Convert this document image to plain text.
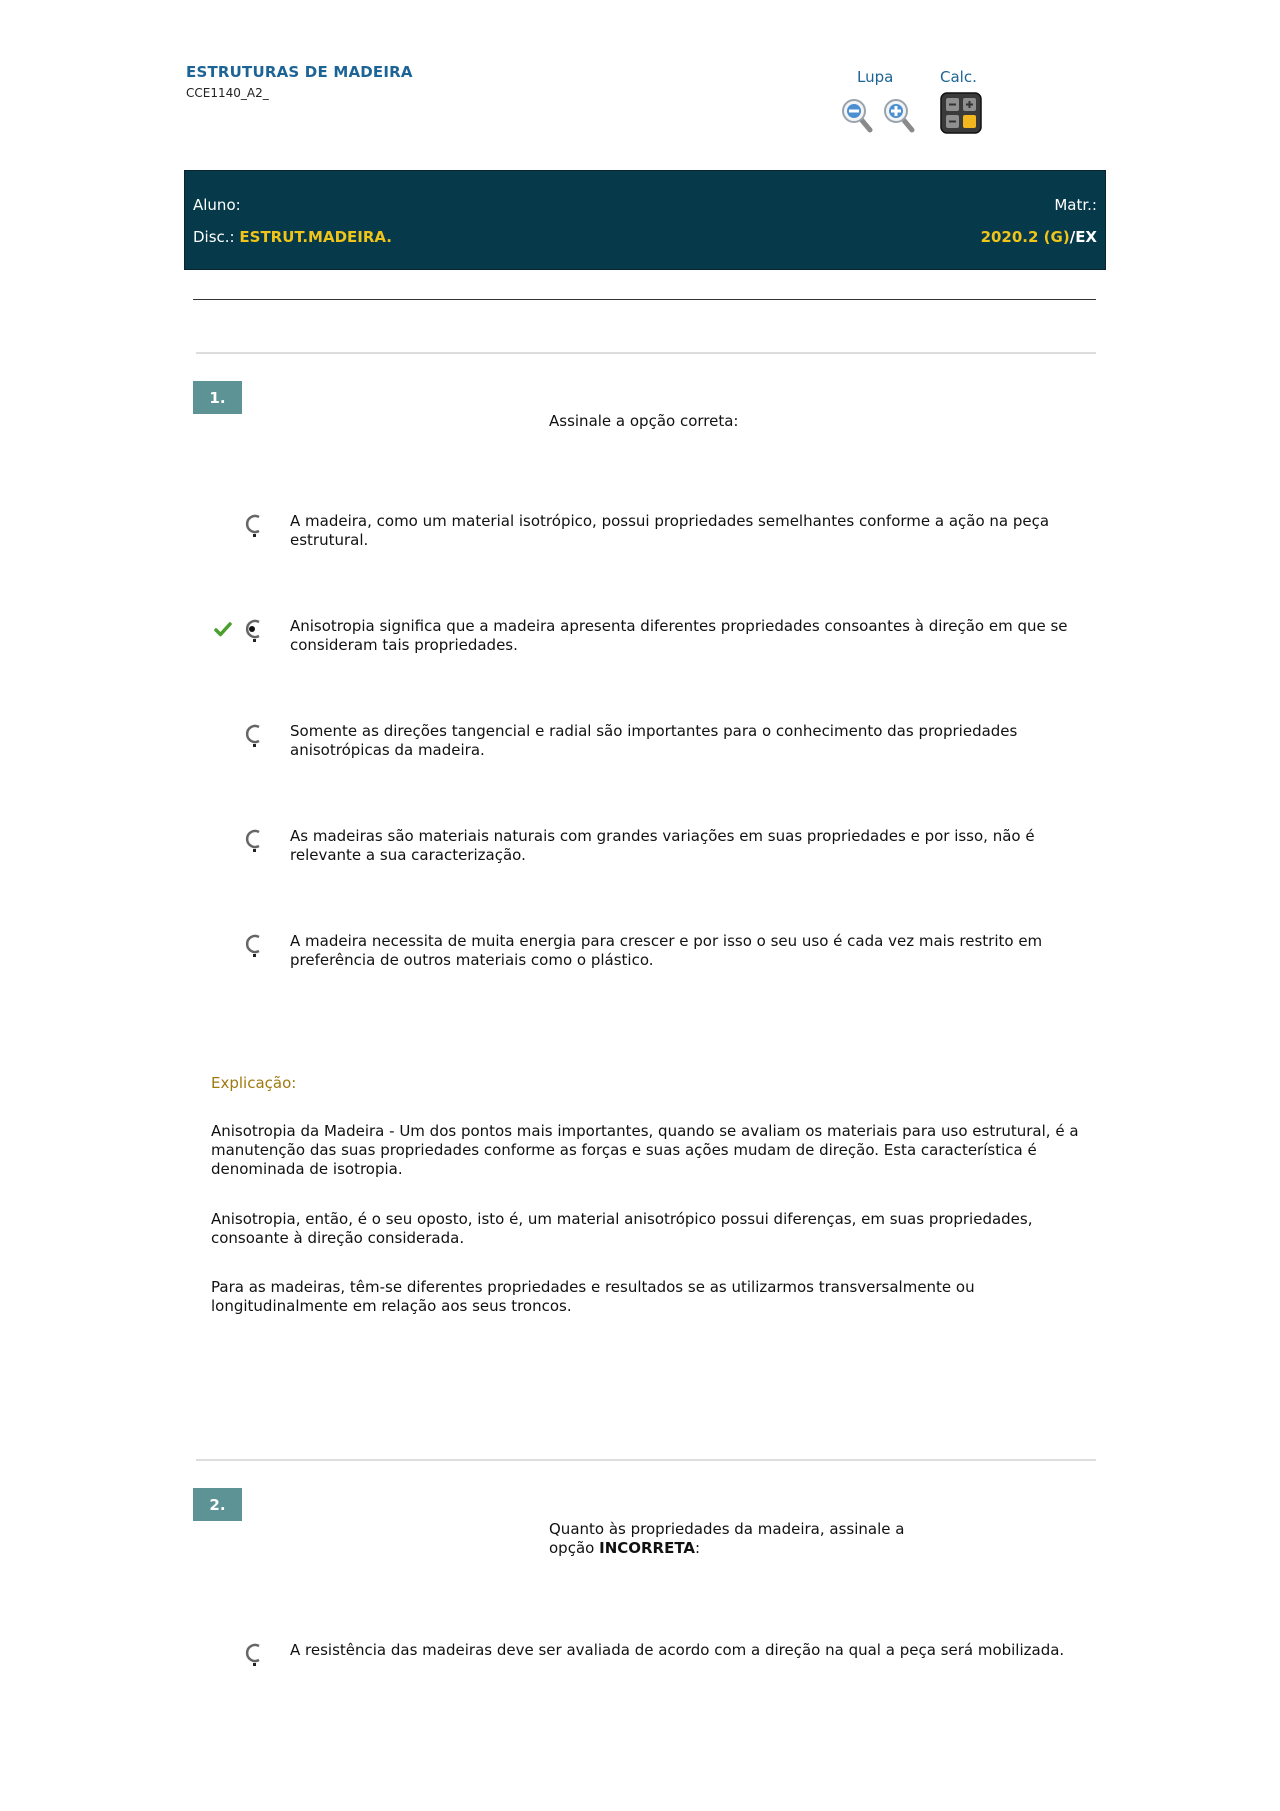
ESTRUTURAS DE MADEIRA
CCE1140_A2_
Lupa	Calc.
Aluno:	Matr.:
Disc.: ESTRUT.MADEIRA.	2020.2 (G)/EX
1.
Assinale a opção correta:
A madeira, como um material isotrópico, possui propriedades semelhantes conforme a ação na peça estrutural.
Anisotropia significa que a madeira apresenta diferentes propriedades consoantes à direção em que se consideram tais propriedades.
Somente as direções tangencial e radial são importantes para o conhecimento das propriedades anisotrópicas da madeira.
As madeiras são materiais naturais com grandes variações em suas propriedades e por isso, não é relevante a sua caracterização.
A madeira necessita de muita energia para crescer e por isso o seu uso é cada vez mais restrito em preferência de outros materiais como o plástico.
Explicação:
Anisotropia da Madeira - Um dos pontos mais importantes, quando se avaliam os materiais para uso estrutural, é a manutenção das suas propriedades conforme as forças e suas ações mudam de direção. Esta característica é denominada de isotropia.
Anisotropia, então, é o seu oposto, isto é, um material anisotrópico possui diferenças, em suas propriedades, consoante à direção considerada.
Para as madeiras, têm-se diferentes propriedades e resultados se as utilizarmos transversalmente ou longitudinalmente em relação aos seus troncos.
2.
Quanto às propriedades da madeira, assinale a
opção INCORRETA:
A resistência das madeiras deve ser avaliada de acordo com a direção na qual a peça será mobilizada.
